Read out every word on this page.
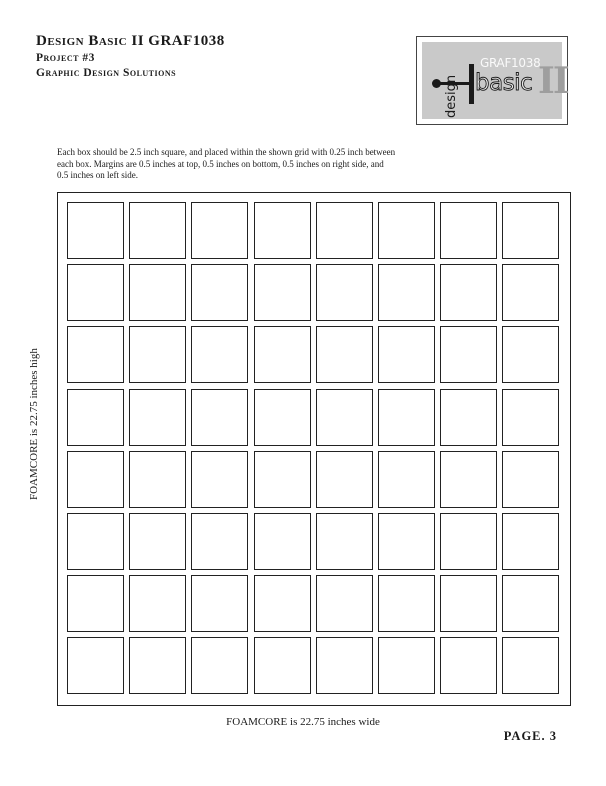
Design Basic II GRAF1038
Project #3
Graphic Design Solutions
design
GRAF1038
basic II
Each box should be 2.5 inch square, and placed within the shown grid with 0.25 inch between each box. Margins are 0.5 inches at top, 0.5 inches on bottom, 0.5 inches on right side, and 0.5 inches on left side.
FOAMCORE is 22.75 inches high
FOAMCORE is 22.75 inches wide
PAGE. 3
